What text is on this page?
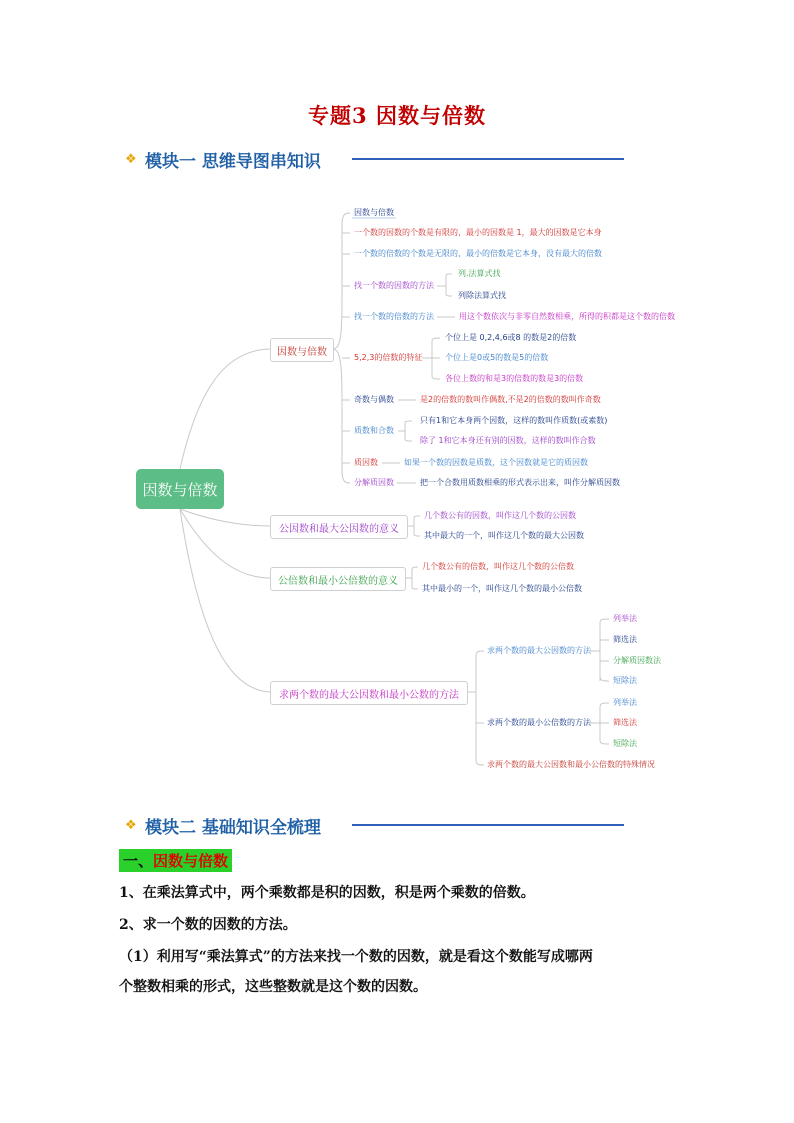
专题3 因数与倍数
❖ 模块一 思维导图串知识
因数与倍数
因数与倍数
公因数和最大公因数的意义
公倍数和最小公倍数的意义
求两个数的最大公因数和最小公数的方法
因数与倍数
一个数的因数的个数是有限的，最小的因数是 1，最大的因数是它本身
一个数的倍数的个数是无限的，最小的倍数是它本身，没有最大的倍数
找一个数的因数的方法
列.法算式找
列除法算式找
找一个数的倍数的方法	用这个数依次与非零自然数相乘，所得的积都是这个数的倍数
5,2,3的倍数的特征
个位上是 0,2,4,6或8 的数是2的倍数
个位上是0或5的数是5的倍数
各位上数的和是3的倍数的数是3的倍数
奇数与偶数	是2的倍数的数叫作偶数,不是2的倍数的数叫作奇数
质数和合数
只有1和它本身两个因数，这样的数叫作质数(或素数)
除了 1和它本身还有别的因数，这样的数叫作合数
质因数	如果一个数的因数是质数，这个因数就是它的质因数
分解质因数	把一个合数用质数相乘的形式表示出来，叫作分解质因数
几个数公有的因数，叫作这几个数的公因数
其中最大的一个，叫作这几个数的最大公因数
几个数公有的倍数，叫作这几个数的公倍数
其中最小的一个，叫作这几个数的最小公倍数
求两个数的最大公因数的方法
列举法
筛选法
分解质因数法
短除法
求两个数的最小公倍数的方法
列举法
筛选法
短除法
求两个数的最大公因数和最小公倍数的特殊情况
❖ 模块二 基础知识全梳理
一、因数与倍数
1、在乘法算式中，两个乘数都是积的因数，积是两个乘数的倍数。
2、求一个数的因数的方法。
（1）利用写“乘法算式”的方法来找一个数的因数，就是看这个数能写成哪两
个整数相乘的形式，这些整数就是这个数的因数。
